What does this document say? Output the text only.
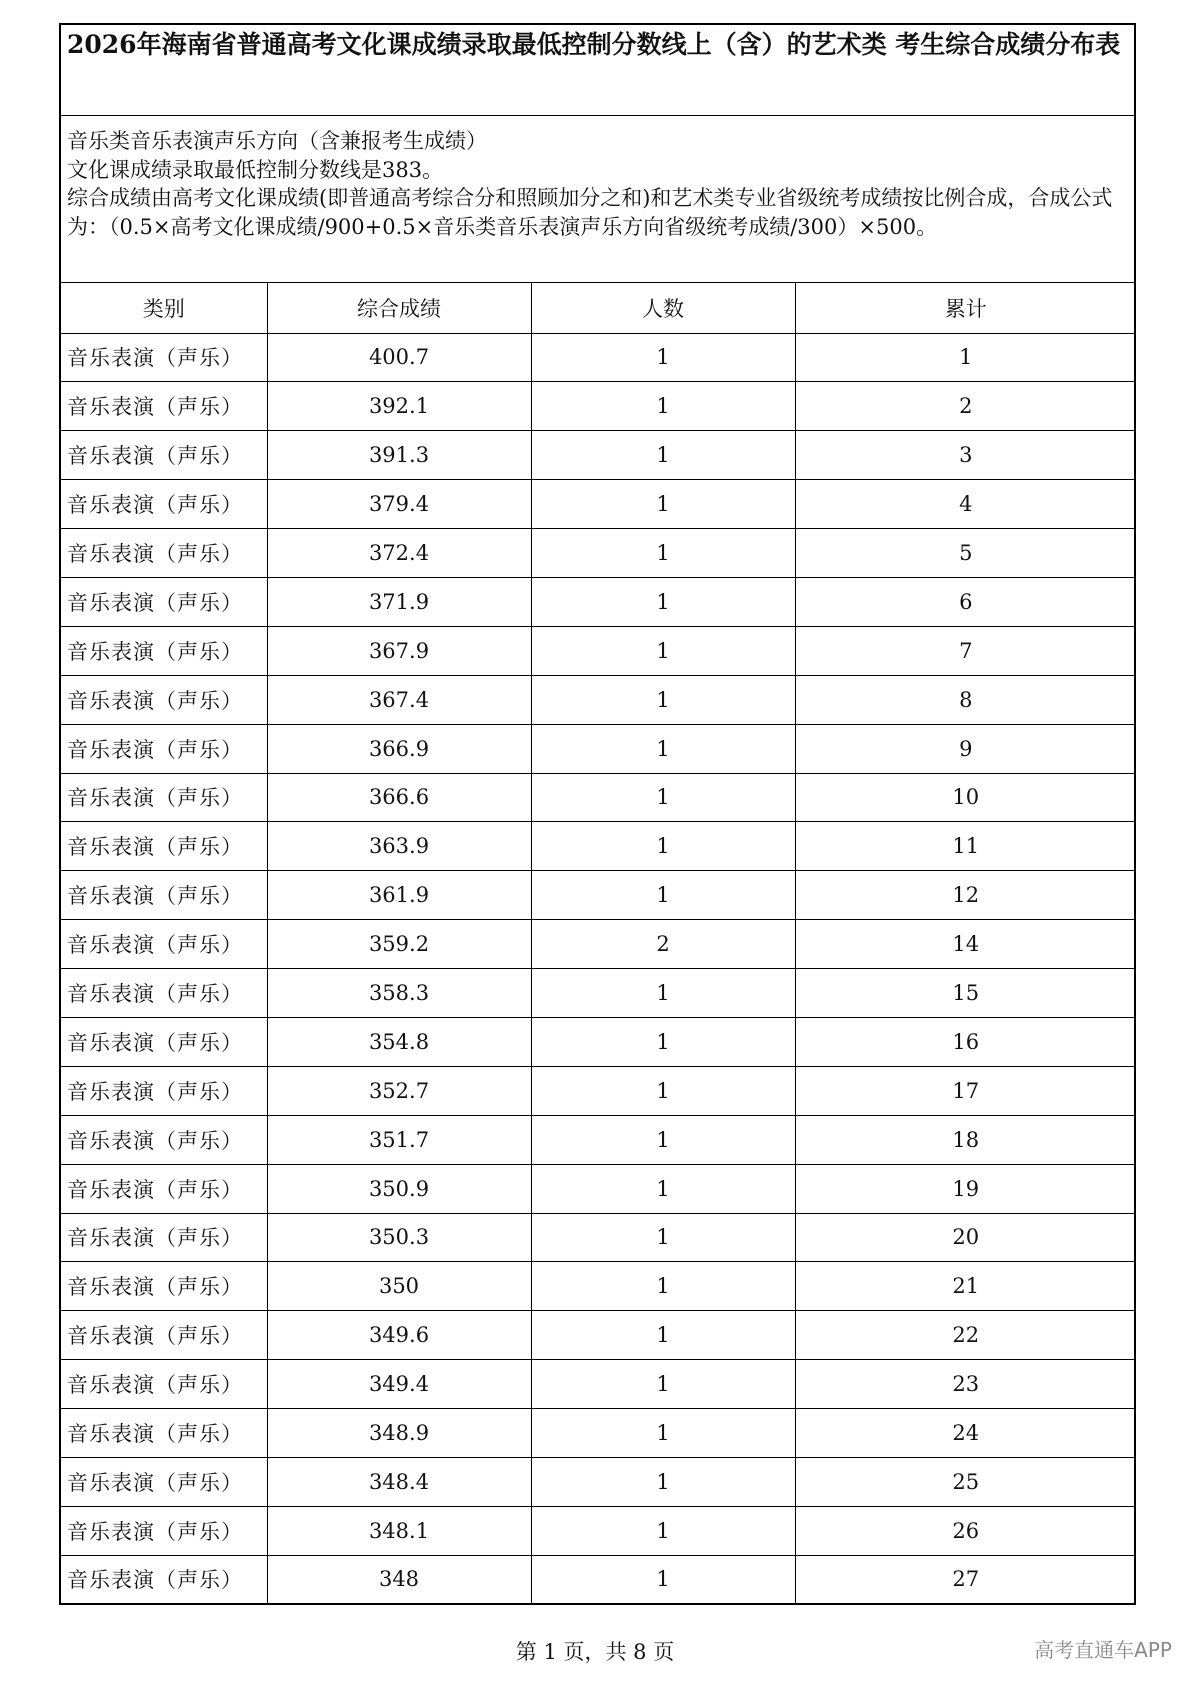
2026年海南省普通高考文化课成绩录取最低控制分数线上（含）的艺术类 考生综合成绩分布表
音乐类音乐表演声乐方向（含兼报考生成绩）
文化课成绩录取最低控制分数线是383。
综合成绩由高考文化课成绩(即普通高考综合分和照顾加分之和)和艺术类专业省级统考成绩按比例合成，合成公式为：（0.5×高考文化课成绩/900+0.5×音乐类音乐表演声乐方向省级统考成绩/300）×500。
类别	综合成绩	人数	累计
音乐表演（声乐）	400.7	1	1
音乐表演（声乐）	392.1	1	2
音乐表演（声乐）	391.3	1	3
音乐表演（声乐）	379.4	1	4
音乐表演（声乐）	372.4	1	5
音乐表演（声乐）	371.9	1	6
音乐表演（声乐）	367.9	1	7
音乐表演（声乐）	367.4	1	8
音乐表演（声乐）	366.9	1	9
音乐表演（声乐）	366.6	1	10
音乐表演（声乐）	363.9	1	11
音乐表演（声乐）	361.9	1	12
音乐表演（声乐）	359.2	2	14
音乐表演（声乐）	358.3	1	15
音乐表演（声乐）	354.8	1	16
音乐表演（声乐）	352.7	1	17
音乐表演（声乐）	351.7	1	18
音乐表演（声乐）	350.9	1	19
音乐表演（声乐）	350.3	1	20
音乐表演（声乐）	350	1	21
音乐表演（声乐）	349.6	1	22
音乐表演（声乐）	349.4	1	23
音乐表演（声乐）	348.9	1	24
音乐表演（声乐）	348.4	1	25
音乐表演（声乐）	348.1	1	26
音乐表演（声乐）	348	1	27
第 1 页，共 8 页	高考直通车APP
